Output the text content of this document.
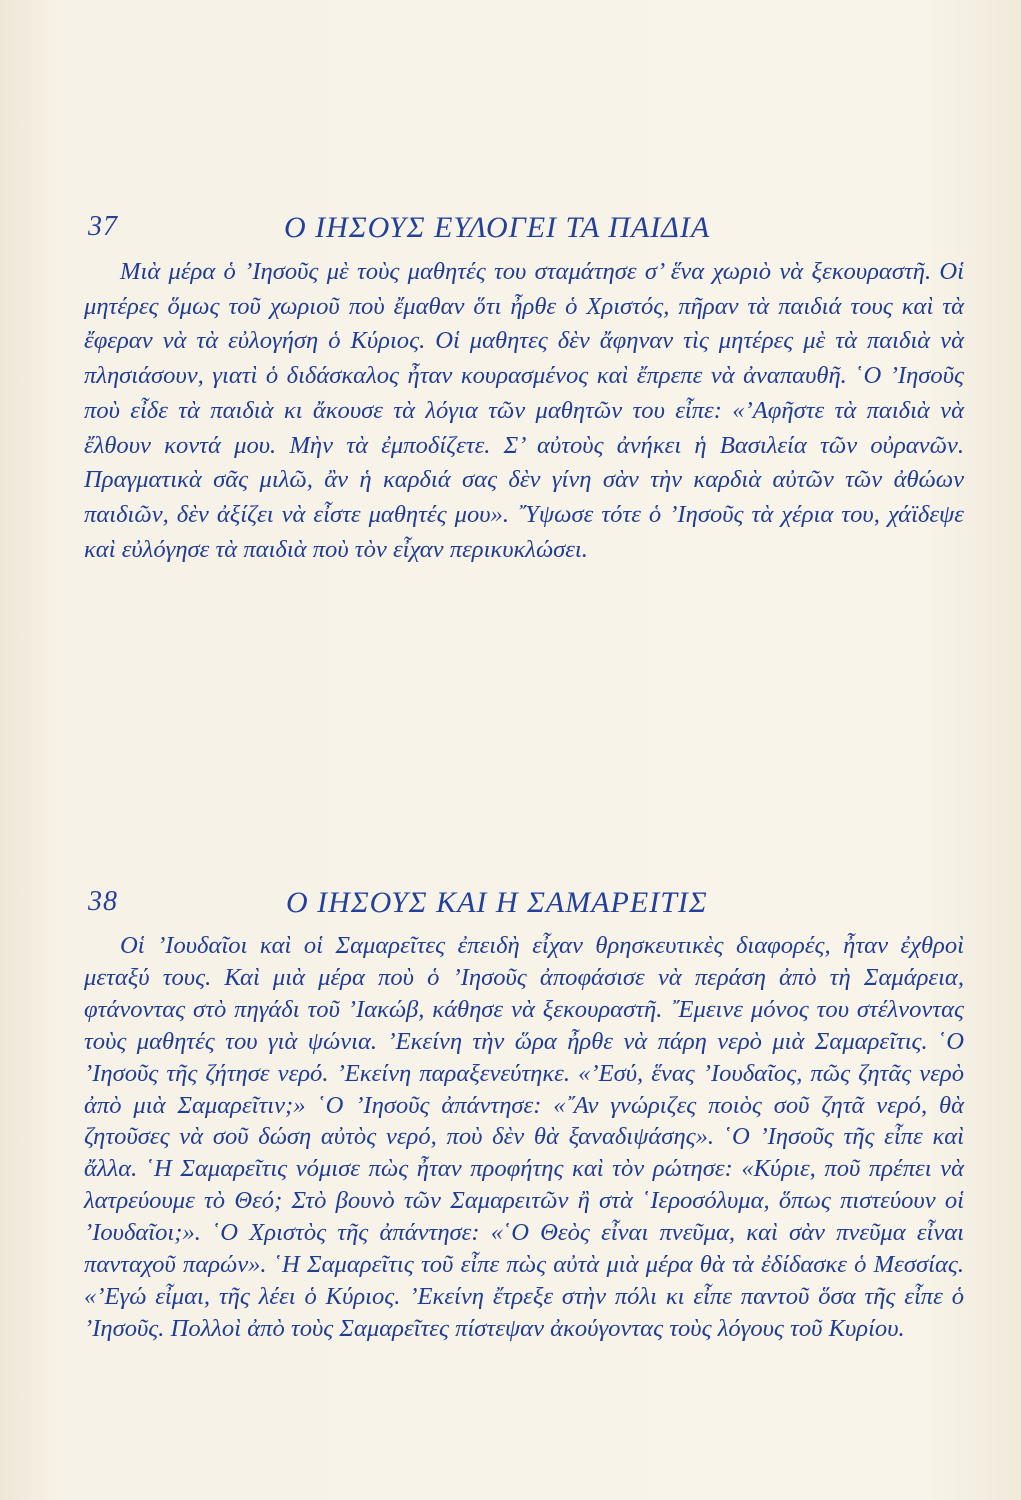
37	Ο ΙΗΣΟΥΣ ΕΥΛΟΓΕΙ ΤΑ ΠΑΙΔΙΑ
Μιὰ μέρα ὁ ’Ιησοῦς μὲ τοὺς μαθητές του σταμάτησε σ’ ἕνα χωριὸ νὰ ξεκουραστῆ. Οἱ μητέρες ὅμως τοῦ χωριοῦ ποὺ ἔμαθαν ὅτι ἦρθε ὁ Χριστός, πῆραν τὰ παιδιά τους καὶ τὰ ἔφεραν νὰ τὰ εὐλογήση ὁ Κύριος. Οἱ μαθητες δὲν ἄφηναν τὶς μητέρες μὲ τὰ παιδιὰ νὰ πλησιάσουν, γιατὶ ὁ διδάσκαλος ἦταν κουρασμένος καὶ ἔπρεπε νὰ ἀναπαυθῆ. ῾Ο ’Ιησοῦς ποὺ εἶδε τὰ παιδιὰ κι ἄκουσε τὰ λόγια τῶν μαθητῶν του εἶπε: «’Αφῆστε τὰ παιδιὰ νὰ ἔλθουν κοντά μου. Μὴν τὰ ἐμποδίζετε. Σ’ αὐτοὺς ἀνήκει ἡ Βασιλεία τῶν οὐρανῶν. Πραγματικὰ σᾶς μιλῶ, ἂν ἡ καρδιά σας δὲν γίνη σὰν τὴν καρδιὰ αὐτῶν τῶν ἀθώων παιδιῶν, δὲν ἀξίζει νὰ εἶστε μαθητές μου». ῎Υψωσε τότε ὁ ’Ιησοῦς τὰ χέρια του, χάϊδεψε καὶ εὐλόγησε τὰ παιδιὰ ποὺ τὸν εἶχαν περικυκλώσει.
38	Ο ΙΗΣΟΥΣ ΚΑΙ Η ΣΑΜΑΡΕΙΤΙΣ
Οἱ ’Ιουδαῖοι καὶ οἱ Σαμαρεῖτες ἐπειδὴ εἶχαν θρησκευτικὲς διαφορές, ἦταν ἐχθροὶ μεταξύ τους. Καὶ μιὰ μέρα ποὺ ὁ ’Ιησοῦς ἀποφάσισε νὰ περάση ἀπὸ τὴ Σαμάρεια, φτάνοντας στὸ πηγάδι τοῦ ’Ιακώβ, κάθησε νὰ ξεκουραστῆ. ῎Εμεινε μόνος του στέλνοντας τοὺς μαθητές του γιὰ ψώνια. ’Εκείνη τὴν ὥρα ἦρθε νὰ πάρη νερὸ μιὰ Σαμαρεῖτις. ῾Ο ’Ιησοῦς τῆς ζήτησε νερό. ’Εκείνη παραξενεύτηκε. «’Εσύ, ἕνας ’Ιουδαῖος, πῶς ζητᾶς νερὸ ἀπὸ μιὰ Σαμαρεῖτιν;» ῾Ο ’Ιησοῦς ἀπάντησε: «῎Αν γνώριζες ποιὸς σοῦ ζητᾶ νερό, θὰ ζητοῦσες νὰ σοῦ δώση αὐτὸς νερό, ποὺ δὲν θὰ ξαναδιψάσης». ῾Ο ’Ιησοῦς τῆς εἶπε καὶ ἄλλα. ῾Η Σαμαρεῖτις νόμισε πὼς ἦταν προφήτης καὶ τὸν ρώτησε: «Κύριε, ποῦ πρέπει νὰ λατρεύουμε τὸ Θεό; Στὸ βουνὸ τῶν Σαμαρειτῶν ἢ στὰ ῾Ιεροσόλυμα, ὅπως πιστεύουν οἱ ’Ιουδαῖοι;». ῾Ο Χριστὸς τῆς ἀπάντησε: «῾Ο Θεὸς εἶναι πνεῦμα, καὶ σὰν πνεῦμα εἶναι πανταχοῦ παρών». ῾Η Σαμαρεῖτις τοῦ εἶπε πὼς αὐτὰ μιὰ μέρα θὰ τὰ ἐδίδασκε ὁ Μεσσίας. «’Εγώ εἶμαι, τῆς λέει ὁ Κύριος. ’Εκείνη ἔτρεξε στὴν πόλι κι εἶπε παντοῦ ὅσα τῆς εἶπε ὁ ’Ιησοῦς. Πολλοὶ ἀπὸ τοὺς Σαμαρεῖτες πίστεψαν ἀκούγοντας τοὺς λόγους τοῦ Κυρίου.
